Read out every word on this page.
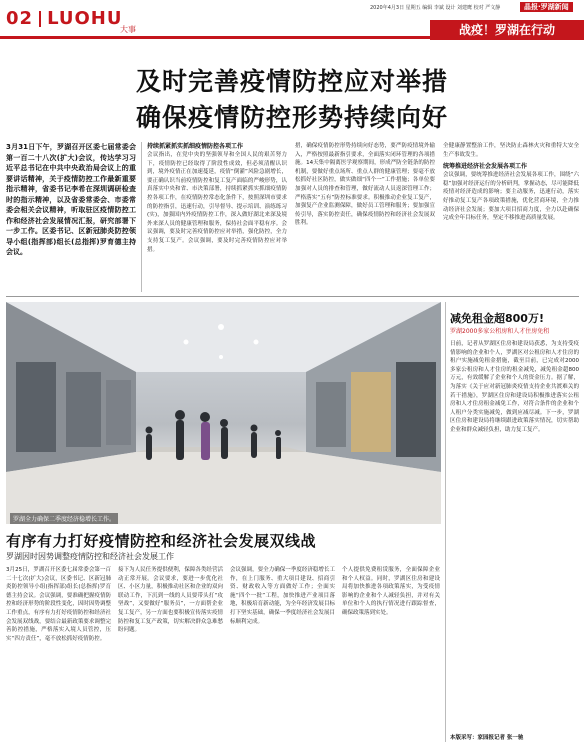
02 LUOHU
大事
2020年4月3日 星期五 编辑 李斌 设计 刘建鹰 校对 严文静	晶报·罗湖新闻
战疫！罗湖在行动
及时完善疫情防控应对举措
确保疫情防控形势持续向好
3月31日下午，罗湖召开区委七届常委会第一百二十八次(扩大)会议，传达学习习近平总书记在中共中央政治局会议上的重要讲话精神，关于疫情防控工作最新重要指示精神，省委书记李希在深圳调研检查时的指示精神，以及省委常委会、市委常委会相关会议精神，听取驻区疫情防控工作和经济社会发展情况汇报，研究部署下一步工作。区委书记、区新冠肺炎防控领导小组(指挥部)组长(总指挥)罗育德主持会议。
持续抓紧抓实抓细疫情防控各项工作
会议指出，在党中央的坚强领导和全国人民的艰苦努力下，疫情防控已经取得了阶段性成效，但必须清醒认识到，境外疫情正在加速蔓延，疫情“倒灌”风险急剧增长，要正确认识当前疫情防控和复工复产面临的严峻形势，认真落实中央和省、市决策部署，持续抓紧抓实抓细疫情防控各项工作，在疫情防控常态化条件下，按照深圳市要求的防控指引，迅速行动，引导督导、提示培训、演练练习(实)，加强国内外疫情防控工作，深入做好湖北来深及境外来深人员的健康管理和服务，保持社会面平稳有序。会议强调，要及时完善疫情防控应对举措，强化防控，全力支持复工复产。会议强调，要及时完善疫情防控应对举措。
措，确保疫情防控形势持续向好态势，要严防疫情境外输入，严格按照最新指引要求，全面落实闭环管理的各项措施。14天集中隔离医学观察期间，形成严防全链条的防控机制，要做好重点场所、重点人群的健康管理；要毫不放松抓好社区防控，做实做细“四个一”工作措施；各单位要加强对人员的排查和管理，做好流动人员返深管理工作；严格落实“五有”防控标准要求。积极推动企业复工复产，加强复产企业监测保障，做好员工管理和服务；要加强宣传引导，落实防控责任，确保疫情防控和经济社会发展双胜利。
全健康静置整治工作，坚决防止森林火灾和重特大安全生产事故发生。
统筹推进经济社会发展各项工作
会议强调，要统筹推进经济社会发展各项工作，围绕“六稳”加强对经济运行的分析研判，掌握动态，尽可能降低疫情对经济造成的影响；要主动服务，迅速行动，落实好推动复工复产各项政策措施，优化营商环境，全力推动经济社会发展；要加大项目招商力度，全力以赴确保完成全年目标任务，坚定不移推进高质量发展。
罗湖全力确保二季度经济稳增长工作。
减免租金超800万!
罗湖2000多家公租房和人才住房免租
日前，记者从罗湖区住房和建设局获悉，为支持受疫情影响的企业和个人，罗湖区对公租房和人才住房的租户实施减免租金措施，截至目前，已完成对2000多家公租房和人才住房的租金减免，减免租金超800万元，有效缓解了企业和个人的资金压力。据了解，为落实《关于应对新冠肺炎疫情支持企业共渡难关的若干措施》，罗湖区住房和建设局积极推进落实公租房和人才住房租金减免工作，对符合条件的企业和个人租户分类实施减免，做到应减尽减。下一步，罗湖区住房和建设局将继续跟进政策落实情况，切实帮助企业和群众减轻负担，助力复工复产。
本版采写：家园报记者 张一驰
有序有力打好疫情防控和经济社会发展双线战
罗湖因时因势调整疫情防控和经济社会发展工作
3月25日，罗湖召开区委七届常委会第一百二十七次(扩大)会议，区委书记、区新冠肺炎防控领导小组(指挥部)组长(总指挥)罗育德主持会议。会议强调，要准确把握疫情防控和经济形势的阶段性变化，因时因势调整工作重点，有序有力打好疫情防控和经济社会发展双线战，要结合最新政策要求调整完善防控措施，严格落实入境人员管控，压实“四方责任”，毫不放松抓好疫情防控。
接下为人民任务提供便利，保障各类经营活动正常开展。会议要求，要进一步优化社区、小区力量，积极推动社区和企业的双向联动工作，下沉到一线的人员要带头打“攻坚战”，又要做好“服务员”，一方面帮企业复工复产，另一方面也要积极宣传落实疫情防控和复工复产政策，切实解决群众急难愁盼问题。
会议强调，要全力确保一季度经济稳增长工作，在上门服务、重大项目建设、招商引资、财政收入等方面做好工作；全面实施“四个一批”工程，加快推进产业项目落地，积极培育新动能，为全年经济发展目标打下坚实基础，确保一季度经济社会发展目标顺利完成。
个人提供免费租赁服务，全面保障企业和个人权益。同时，罗湖区住房和建设局将加快推进各项政策落实，为受疫情影响的企业和个人减轻负担，并对有关单位和个人的执行情况进行跟踪督查，确保政策落到实处。
